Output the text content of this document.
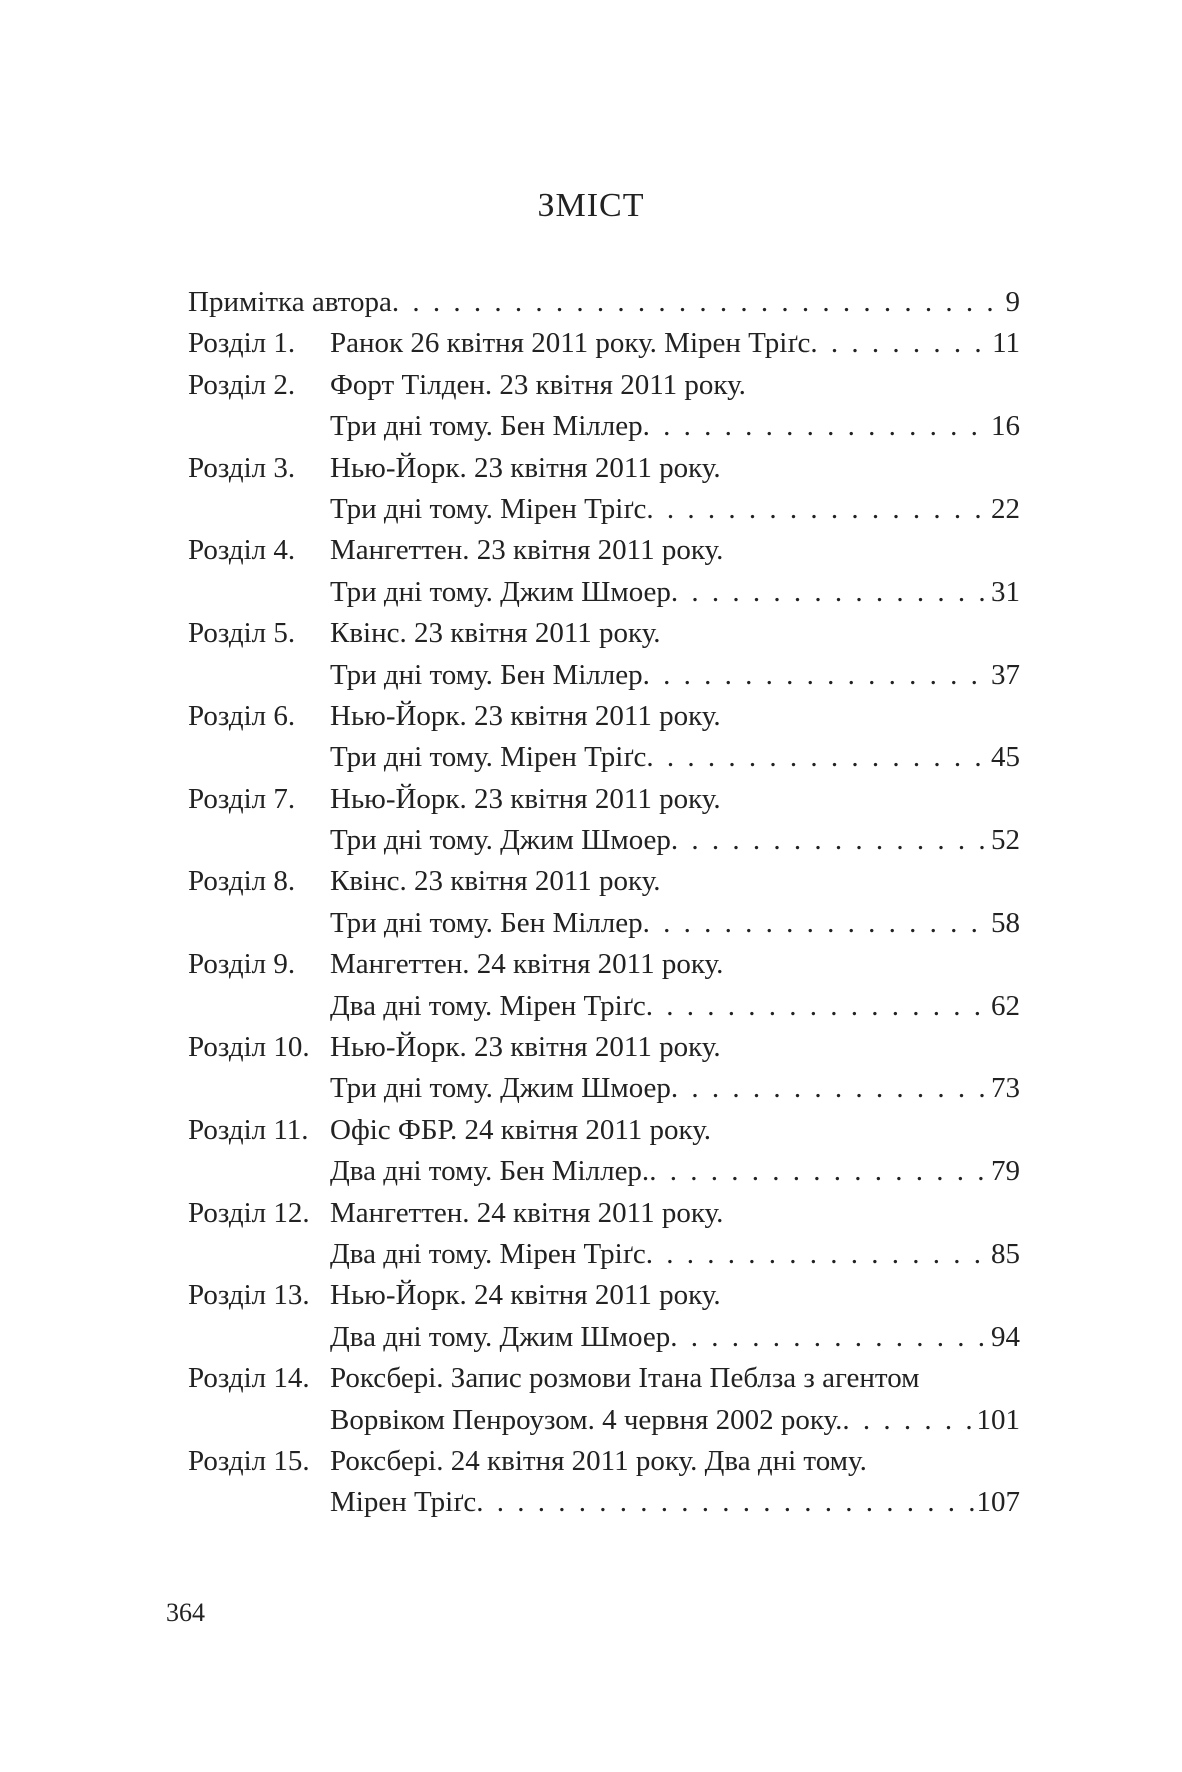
ЗМІСТ
Примітка автора . . .	9
Розділ 1.	Ранок 26 квітня 2011 року. Мірен Тріґс . . .	11
Розділ 2.	Форт Тілден. 23 квітня 2011 року.
Три дні тому. Бен Міллер . . .	16
Розділ 3.	Нью-Йорк. 23 квітня 2011 року.
Три дні тому. Мірен Тріґс . . .	22
Розділ 4.	Мангеттен. 23 квітня 2011 року.
Три дні тому. Джим Шмоер . . .	31
Розділ 5.	Квінс. 23 квітня 2011 року.
Три дні тому. Бен Міллер . . .	37
Розділ 6.	Нью-Йорк. 23 квітня 2011 року.
Три дні тому. Мірен Тріґс . . .	45
Розділ 7.	Нью-Йорк. 23 квітня 2011 року.
Три дні тому. Джим Шмоер . . .	52
Розділ 8.	Квінс. 23 квітня 2011 року.
Три дні тому. Бен Міллер . . .	58
Розділ 9.	Мангеттен. 24 квітня 2011 року.
Два дні тому. Мірен Тріґс . . .	62
Розділ 10. Нью-Йорк. 23 квітня 2011 року.
Три дні тому. Джим Шмоер . . .	73
Розділ 11. Офіс ФБР. 24 квітня 2011 року.
Два дні тому. Бен Міллер. . . .	79
Розділ 12. Мангеттен. 24 квітня 2011 року.
Два дні тому. Мірен Тріґс . . .	85
Розділ 13. Нью-Йорк. 24 квітня 2011 року.
Два дні тому. Джим Шмоер . . .	94
Розділ 14. Роксбері. Запис розмови Ітана Пеблза з агентом
Ворвіком Пенроузом. 4 червня 2002 року. . . .	101
Розділ 15. Роксбері. 24 квітня 2011 року. Два дні тому.
Мірен Тріґс . . .	107
364
